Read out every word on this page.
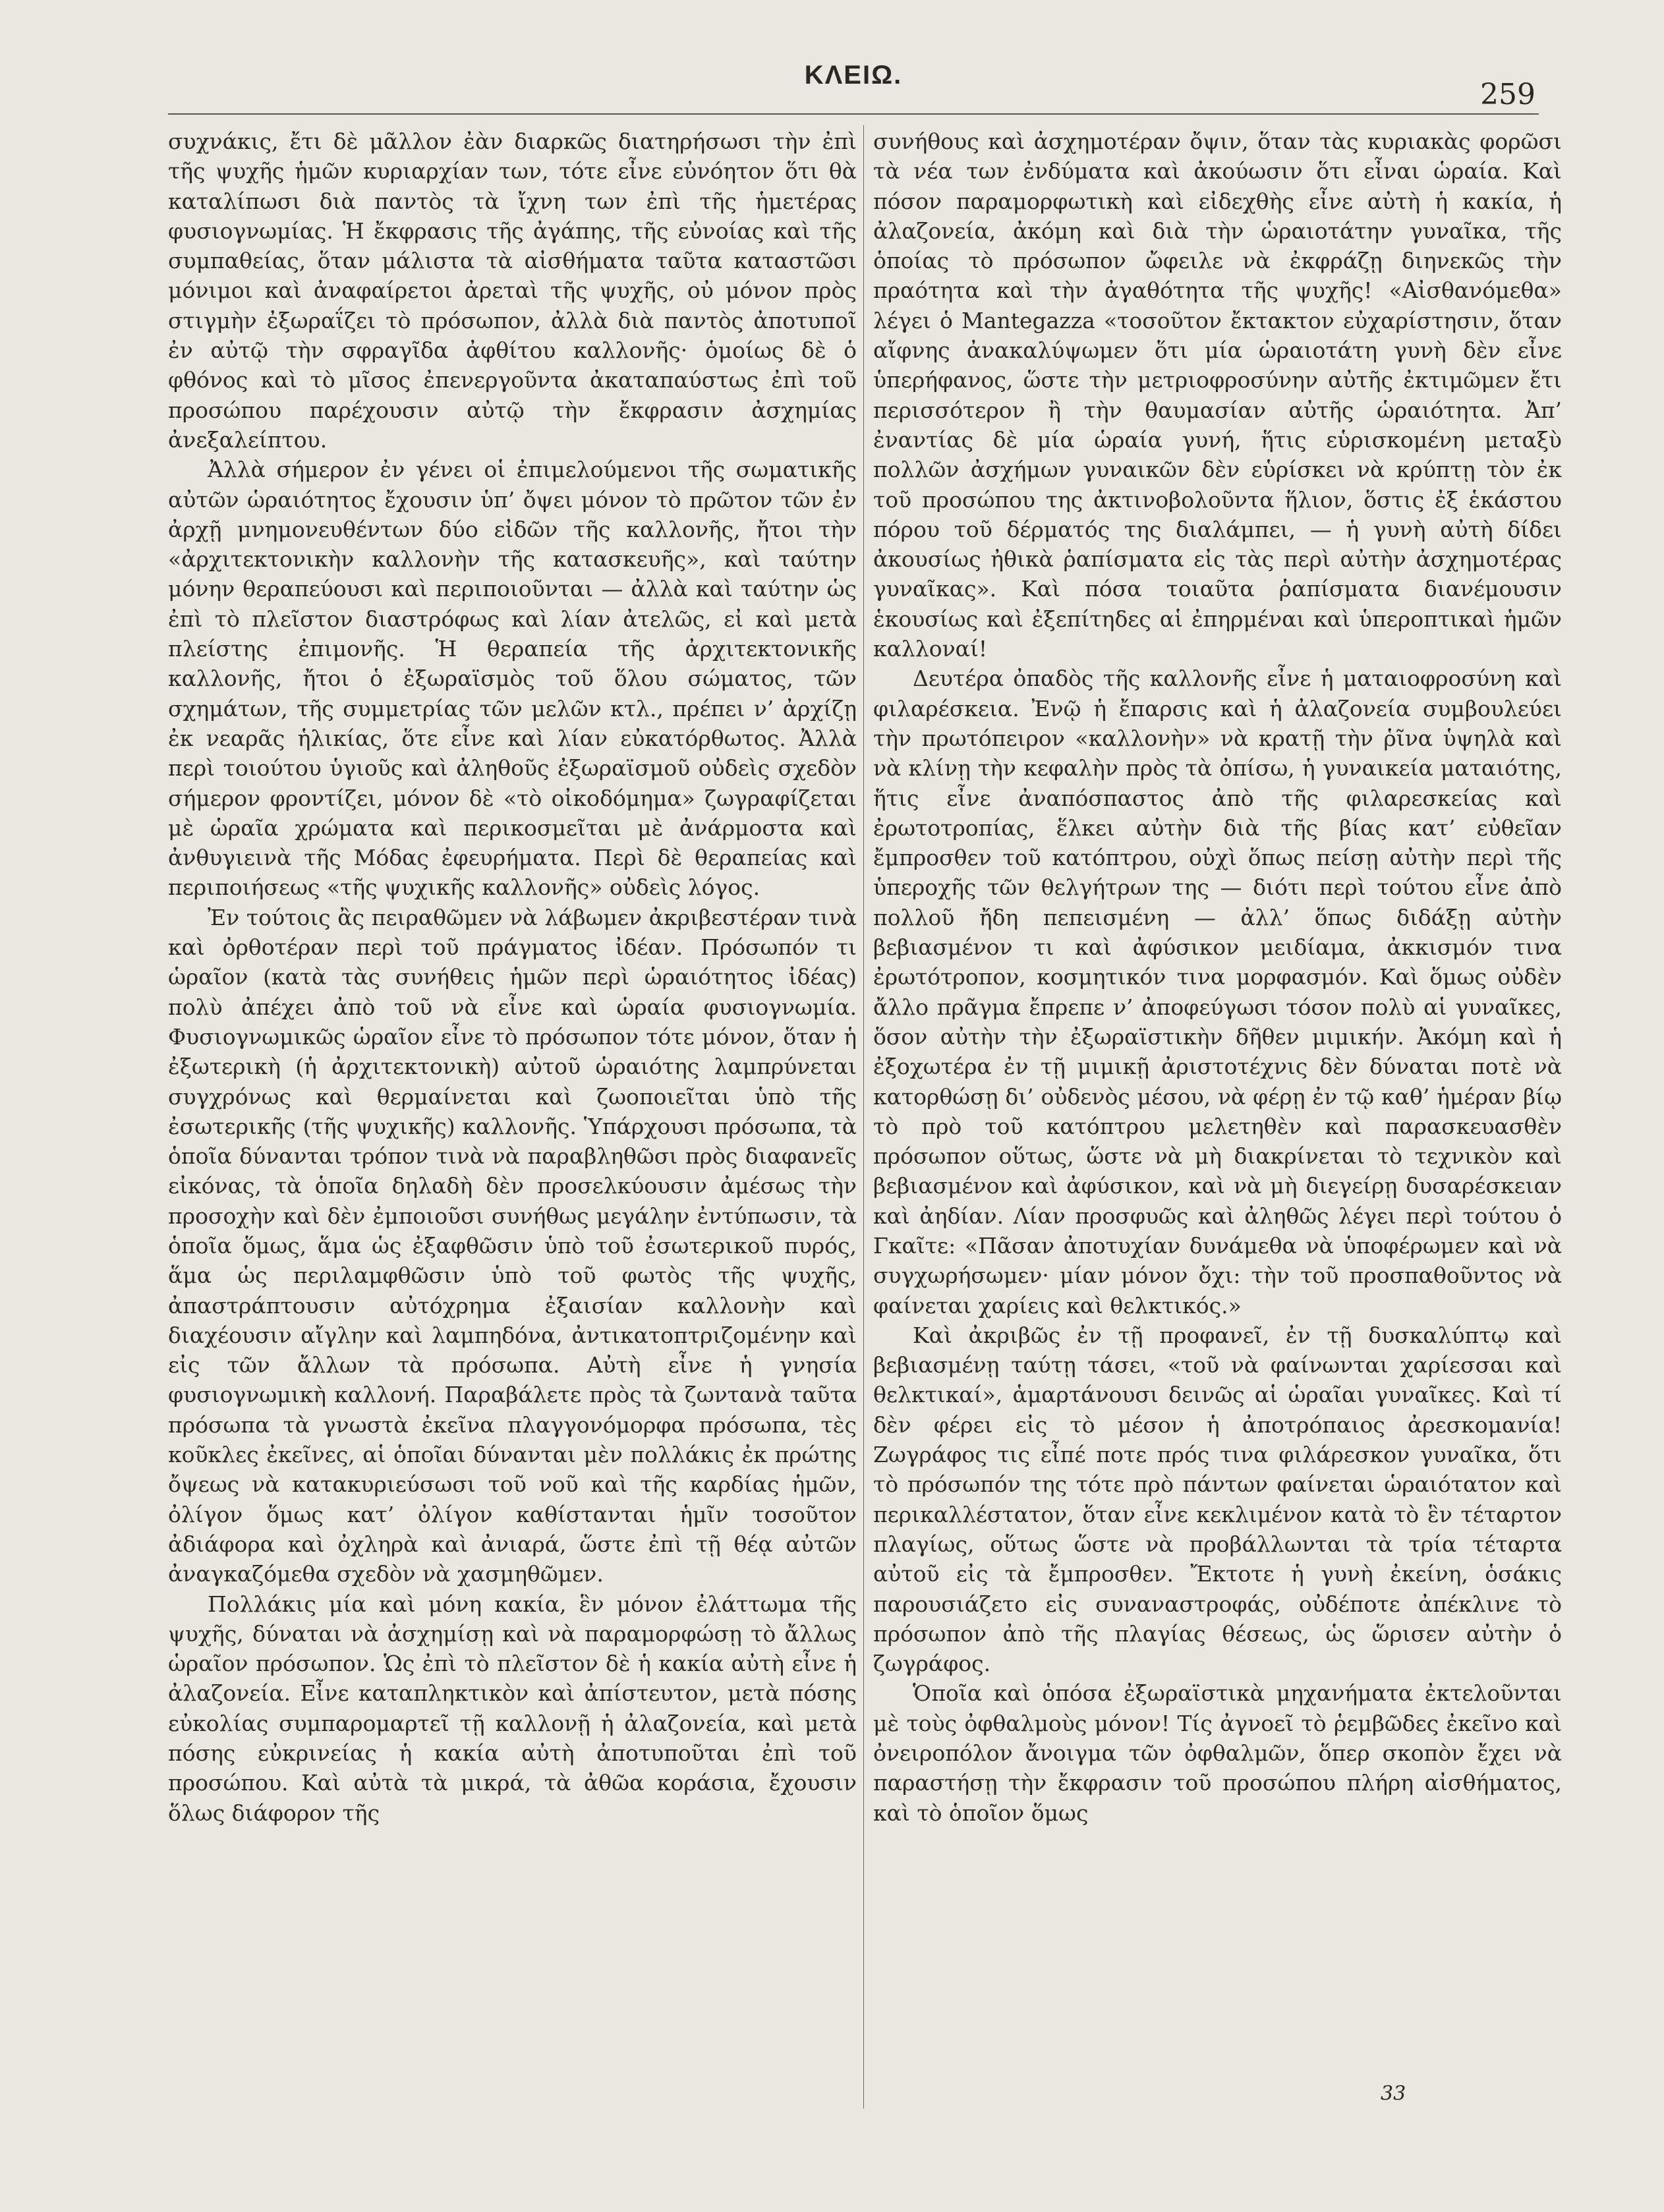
ΚΛΕΙΩ.
259

συχνάκις, ἔτι δὲ μᾶλλον ἐὰν διαρκῶς διατηρήσωσι τὴν ἐπὶ τῆς ψυχῆς ἡμῶν κυριαρχίαν των, τότε εἶνε εὐνόητον ὅτι θὰ καταλίπωσι διὰ παντὸς τὰ ἴχνη των ἐπὶ τῆς ἡμετέρας φυσιογνωμίας. Ἡ ἔκφρασις τῆς ἀγάπης, τῆς εὐνοίας καὶ τῆς συμπαθείας, ὅταν μάλιστα τὰ αἰσθήματα ταῦτα καταστῶσι μόνιμοι καὶ ἀναφαίρετοι ἀρεταὶ τῆς ψυχῆς, οὐ μόνον πρὸς στιγμὴν ἐξωραΐζει τὸ πρόσωπον, ἀλλὰ διὰ παντὸς ἀποτυποῖ ἐν αὐτῷ τὴν σφραγῖδα ἀφθίτου καλλονῆς· ὁμοίως δὲ ὁ φθόνος καὶ τὸ μῖσος ἐπενεργοῦντα ἀκαταπαύστως ἐπὶ τοῦ προσώπου παρέχουσιν αὐτῷ τὴν ἔκφρασιν ἀσχημίας ἀνεξαλείπτου.

Ἀλλὰ σήμερον ἐν γένει οἱ ἐπιμελούμενοι τῆς σωματικῆς αὐτῶν ὡραιότητος ἔχουσιν ὑπ’ ὄψει μόνον τὸ πρῶτον τῶν ἐν ἀρχῇ μνημονευθέντων δύο εἰδῶν τῆς καλλονῆς, ἤτοι τὴν «ἀρχιτεκτονικὴν καλλονὴν τῆς κατασκευῆς», καὶ ταύτην μόνην θεραπεύουσι καὶ περιποιοῦνται — ἀλλὰ καὶ ταύτην ὡς ἐπὶ τὸ πλεῖστον διαστρόφως καὶ λίαν ἀτελῶς, εἰ καὶ μετὰ πλείστης ἐπιμονῆς. Ἡ θεραπεία τῆς ἀρχιτεκτονικῆς καλλονῆς, ἤτοι ὁ ἐξωραϊσμὸς τοῦ ὅλου σώματος, τῶν σχημάτων, τῆς συμμετρίας τῶν μελῶν κτλ., πρέπει ν’ ἀρχίζῃ ἐκ νεαρᾶς ἡλικίας, ὅτε εἶνε καὶ λίαν εὐκατόρθωτος. Ἀλλὰ περὶ τοιούτου ὑγιοῦς καὶ ἀληθοῦς ἐξωραϊσμοῦ οὐδεὶς σχεδὸν σήμερον φροντίζει, μόνον δὲ «τὸ οἰκοδόμημα» ζωγραφίζεται μὲ ὡραῖα χρώματα καὶ περικοσμεῖται μὲ ἀνάρμοστα καὶ ἀνθυγιεινὰ τῆς Μόδας ἐφευρήματα. Περὶ δὲ θεραπείας καὶ περιποιήσεως «τῆς ψυχικῆς καλλονῆς» οὐδεὶς λόγος.

Ἐν τούτοις ἂς πειραθῶμεν νὰ λάβωμεν ἀκριβεστέραν τινὰ καὶ ὀρθοτέραν περὶ τοῦ πράγματος ἰδέαν. Πρόσωπόν τι ὡραῖον (κατὰ τὰς συνήθεις ἡμῶν περὶ ὡραιότητος ἰδέας) πολὺ ἀπέχει ἀπὸ τοῦ νὰ εἶνε καὶ ὡραία φυσιογνωμία. Φυσιογνωμικῶς ὡραῖον εἶνε τὸ πρόσωπον τότε μόνον, ὅταν ἡ ἐξωτερικὴ (ἡ ἀρχιτεκτονικὴ) αὐτοῦ ὡραιότης λαμπρύνεται συγχρόνως καὶ θερμαίνεται καὶ ζωοποιεῖται ὑπὸ τῆς ἐσωτερικῆς (τῆς ψυχικῆς) καλλονῆς. Ὑπάρχουσι πρόσωπα, τὰ ὁποῖα δύνανται τρόπον τινὰ νὰ παραβληθῶσι πρὸς διαφανεῖς εἰκόνας, τὰ ὁποῖα δηλαδὴ δὲν προσελκύουσιν ἀμέσως τὴν προσοχὴν καὶ δὲν ἐμποιοῦσι συνήθως μεγάλην ἐντύπωσιν, τὰ ὁποῖα ὅμως, ἅμα ὡς ἐξαφθῶσιν ὑπὸ τοῦ ἐσωτερικοῦ πυρός, ἅμα ὡς περιλαμφθῶσιν ὑπὸ τοῦ φωτὸς τῆς ψυχῆς, ἀπαστράπτουσιν αὐτόχρημα ἐξαισίαν καλλονὴν καὶ διαχέουσιν αἴγλην καὶ λαμπηδόνα, ἀντικατοπτριζομένην καὶ εἰς τῶν ἄλλων τὰ πρόσωπα. Αὐτὴ εἶνε ἡ γνησία φυσιογνωμικὴ καλλονή. Παραβάλετε πρὸς τὰ ζωντανὰ ταῦτα πρόσωπα τὰ γνωστὰ ἐκεῖνα πλαγγονόμορφα πρόσωπα, τὲς κοῦκλες ἐκεῖνες, αἱ ὁποῖαι δύνανται μὲν πολλάκις ἐκ πρώτης ὄψεως νὰ κατακυριεύσωσι τοῦ νοῦ καὶ τῆς καρδίας ἡμῶν, ὀλίγον ὅμως κατ’ ὀλίγον καθίστανται ἡμῖν τοσοῦτον ἀδιάφορα καὶ ὀχληρὰ καὶ ἀνιαρά, ὥστε ἐπὶ τῇ θέᾳ αὐτῶν ἀναγκαζόμεθα σχεδὸν νὰ χασμηθῶμεν.

Πολλάκις μία καὶ μόνη κακία, ἓν μόνον ἐλάττωμα τῆς ψυχῆς, δύναται νὰ ἀσχημίσῃ καὶ νὰ παραμορφώσῃ τὸ ἄλλως ὡραῖον πρόσωπον. Ὡς ἐπὶ τὸ πλεῖστον δὲ ἡ κακία αὐτὴ εἶνε ἡ ἀλαζονεία. Εἶνε καταπληκτικὸν καὶ ἀπίστευτον, μετὰ πόσης εὐκολίας συμπαρομαρτεῖ τῇ καλλονῇ ἡ ἀλαζονεία, καὶ μετὰ πόσης εὐκρινείας ἡ κακία αὐτὴ ἀποτυποῦται ἐπὶ τοῦ προσώπου. Καὶ αὐτὰ τὰ μικρά, τὰ ἀθῶα κοράσια, ἔχουσιν ὅλως διάφορον τῆς

συνήθους καὶ ἀσχημοτέραν ὄψιν, ὅταν τὰς κυριακὰς φορῶσι τὰ νέα των ἐνδύματα καὶ ἀκούωσιν ὅτι εἶναι ὡραία. Καὶ πόσον παραμορφωτικὴ καὶ εἰδεχθὴς εἶνε αὐτὴ ἡ κακία, ἡ ἀλαζονεία, ἀκόμη καὶ διὰ τὴν ὡραιοτάτην γυναῖκα, τῆς ὁποίας τὸ πρόσωπον ὤφειλε νὰ ἐκφράζῃ διηνεκῶς τὴν πραότητα καὶ τὴν ἀγαθότητα τῆς ψυχῆς! «Αἰσθανόμεθα» λέγει ὁ Mantegazza «τοσοῦτον ἔκτακτον εὐχαρίστησιν, ὅταν αἴφνης ἀνακαλύψωμεν ὅτι μία ὡραιοτάτη γυνὴ δὲν εἶνε ὑπερήφανος, ὥστε τὴν μετριοφροσύνην αὐτῆς ἐκτιμῶμεν ἔτι περισσότερον ἢ τὴν θαυμασίαν αὐτῆς ὡραιότητα. Ἀπ’ ἐναντίας δὲ μία ὡραία γυνή, ἥτις εὑρισκομένη μεταξὺ πολλῶν ἀσχήμων γυναικῶν δὲν εὑρίσκει νὰ κρύπτῃ τὸν ἐκ τοῦ προσώπου της ἀκτινοβολοῦντα ἥλιον, ὅστις ἐξ ἑκάστου πόρου τοῦ δέρματός της διαλάμπει, — ἡ γυνὴ αὐτὴ δίδει ἀκουσίως ἠθικὰ ῥαπίσματα εἰς τὰς περὶ αὐτὴν ἀσχημοτέρας γυναῖκας». Καὶ πόσα τοιαῦτα ῥαπίσματα διανέμουσιν ἑκουσίως καὶ ἐξεπίτηδες αἱ ἐπηρμέναι καὶ ὑπεροπτικαὶ ἡμῶν καλλοναί!

Δευτέρα ὀπαδὸς τῆς καλλονῆς εἶνε ἡ ματαιοφροσύνη καὶ φιλαρέσκεια. Ἐνῷ ἡ ἔπαρσις καὶ ἡ ἀλαζονεία συμβουλεύει τὴν πρωτόπειρον «καλλονὴν» νὰ κρατῇ τὴν ῥῖνα ὑψηλὰ καὶ νὰ κλίνῃ τὴν κεφαλὴν πρὸς τὰ ὀπίσω, ἡ γυναικεία ματαιότης, ἥτις εἶνε ἀναπόσπαστος ἀπὸ τῆς φιλαρεσκείας καὶ ἐρωτοτροπίας, ἕλκει αὐτὴν διὰ τῆς βίας κατ’ εὐθεῖαν ἔμπροσθεν τοῦ κατόπτρου, οὐχὶ ὅπως πείσῃ αὐτὴν περὶ τῆς ὑπεροχῆς τῶν θελγήτρων της — διότι περὶ τούτου εἶνε ἀπὸ πολλοῦ ἤδη πεπεισμένη — ἀλλ’ ὅπως διδάξῃ αὐτὴν βεβιασμένον τι καὶ ἀφύσικον μειδίαμα, ἀκκισμόν τινα ἐρωτότροπον, κοσμητικόν τινα μορφασμόν. Καὶ ὅμως οὐδὲν ἄλλο πρᾶγμα ἔπρεπε ν’ ἀποφεύγωσι τόσον πολὺ αἱ γυναῖκες, ὅσον αὐτὴν τὴν ἐξωραϊστικὴν δῆθεν μιμικήν. Ἀκόμη καὶ ἡ ἐξοχωτέρα ἐν τῇ μιμικῇ ἀριστοτέχνις δὲν δύναται ποτὲ νὰ κατορθώσῃ δι’ οὐδενὸς μέσου, νὰ φέρῃ ἐν τῷ καθ’ ἡμέραν βίῳ τὸ πρὸ τοῦ κατόπτρου μελετηθὲν καὶ παρασκευασθὲν πρόσωπον οὕτως, ὥστε νὰ μὴ διακρίνεται τὸ τεχνικὸν καὶ βεβιασμένον καὶ ἀφύσικον, καὶ νὰ μὴ διεγείρῃ δυσαρέσκειαν καὶ ἀηδίαν. Λίαν προσφυῶς καὶ ἀληθῶς λέγει περὶ τούτου ὁ Γκαῖτε: «Πᾶσαν ἀποτυχίαν δυνάμεθα νὰ ὑποφέρωμεν καὶ νὰ συγχωρήσωμεν· μίαν μόνον ὄχι: τὴν τοῦ προσπαθοῦντος νὰ φαίνεται χαρίεις καὶ θελκτικός.»

Καὶ ἀκριβῶς ἐν τῇ προφανεῖ, ἐν τῇ δυσκαλύπτῳ καὶ βεβιασμένῃ ταύτῃ τάσει, «τοῦ νὰ φαίνωνται χαρίεσσαι καὶ θελκτικαί», ἁμαρτάνουσι δεινῶς αἱ ὡραῖαι γυναῖκες. Καὶ τί δὲν φέρει εἰς τὸ μέσον ἡ ἀποτρόπαιος ἀρεσκομανία! Ζωγράφος τις εἶπέ ποτε πρός τινα φιλάρεσκον γυναῖκα, ὅτι τὸ πρόσωπόν της τότε πρὸ πάντων φαίνεται ὡραιότατον καὶ περικαλλέστατον, ὅταν εἶνε κεκλιμένον κατὰ τὸ ἓν τέταρτον πλαγίως, οὕτως ὥστε νὰ προβάλλωνται τὰ τρία τέταρτα αὐτοῦ εἰς τὰ ἔμπροσθεν. Ἔκτοτε ἡ γυνὴ ἐκείνη, ὁσάκις παρουσιάζετο εἰς συναναστροφάς, οὐδέποτε ἀπέκλινε τὸ πρόσωπον ἀπὸ τῆς πλαγίας θέσεως, ὡς ὥρισεν αὐτὴν ὁ ζωγράφος.

Ὁποῖα καὶ ὁπόσα ἐξωραϊστικὰ μηχανήματα ἐκτελοῦνται μὲ τοὺς ὀφθαλμοὺς μόνον! Τίς ἀγνοεῖ τὸ ῥεμβῶδες ἐκεῖνο καὶ ὀνειροπόλον ἄνοιγμα τῶν ὀφθαλμῶν, ὅπερ σκοπὸν ἔχει νὰ παραστήσῃ τὴν ἔκφρασιν τοῦ προσώπου πλήρη αἰσθήματος, καὶ τὸ ὁποῖον ὅμως

33
